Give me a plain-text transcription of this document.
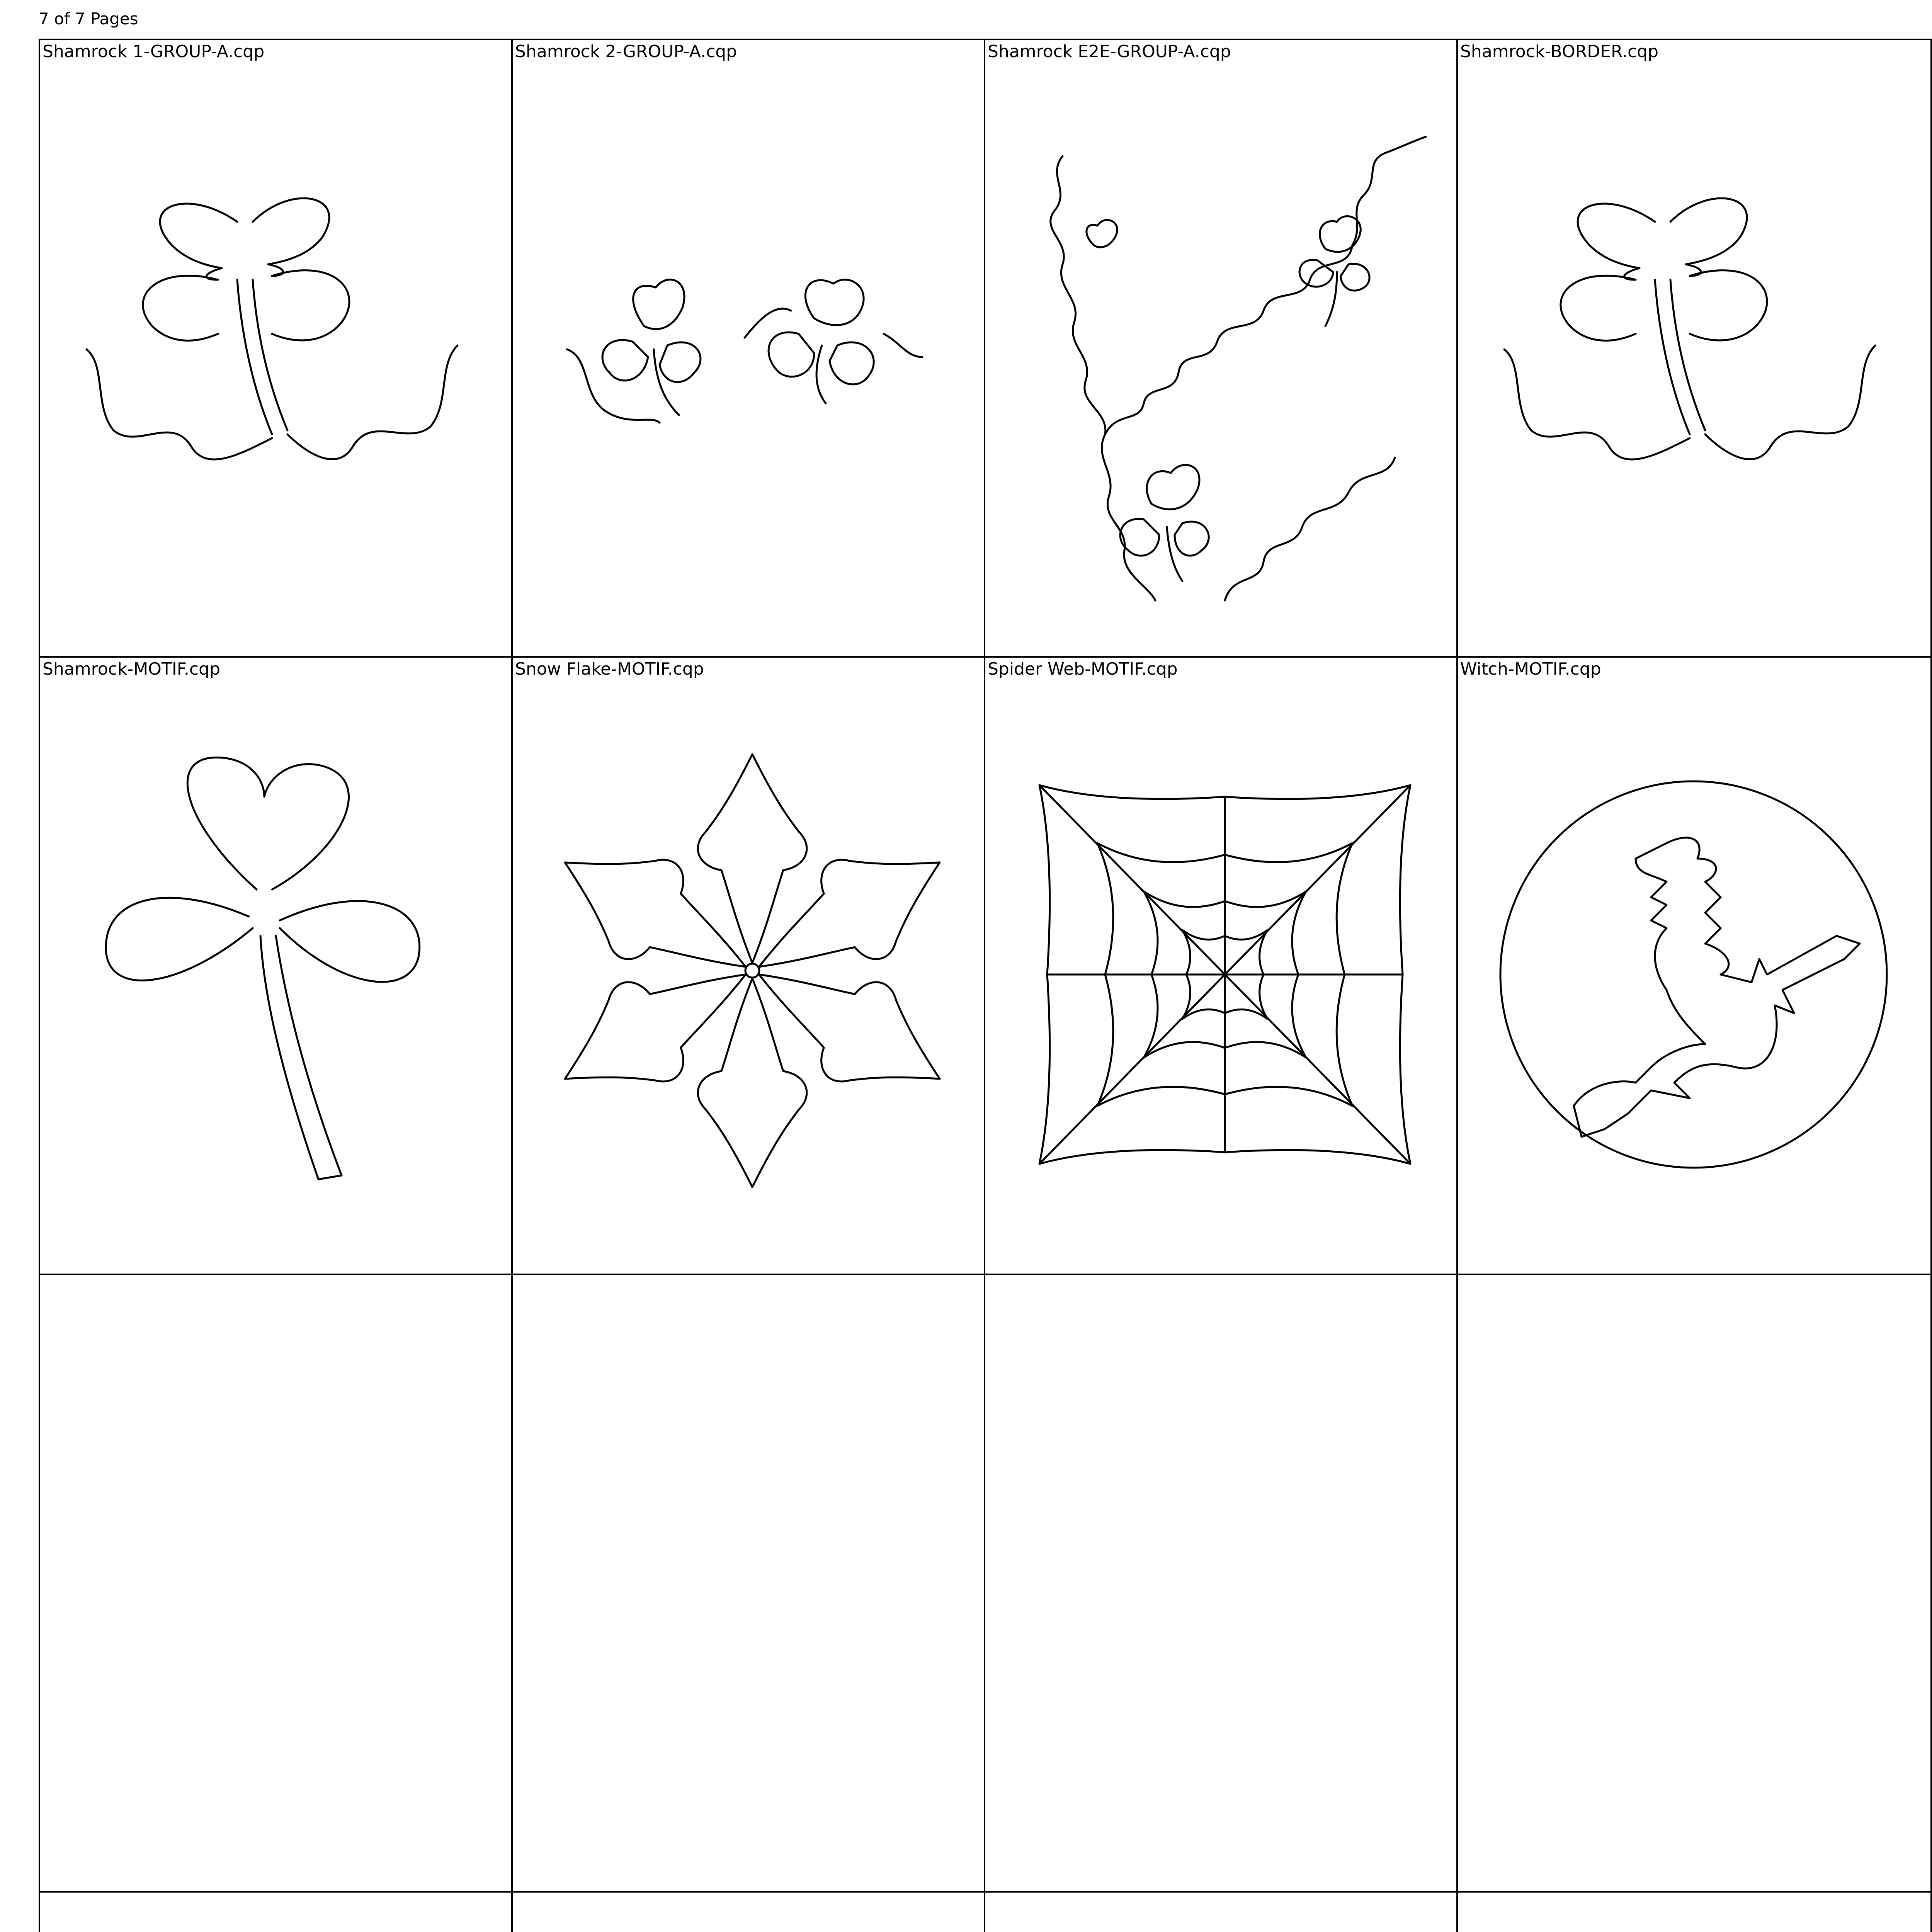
7 of 7 Pages
Shamrock 1-GROUP-A.cqp	Shamrock 2-GROUP-A.cqp	Shamrock E2E-GROUP-A.cqp	Shamrock-BORDER.cqp
Shamrock-MOTIF.cqp	Snow Flake-MOTIF.cqp	Spider Web-MOTIF.cqp	Witch-MOTIF.cqp
